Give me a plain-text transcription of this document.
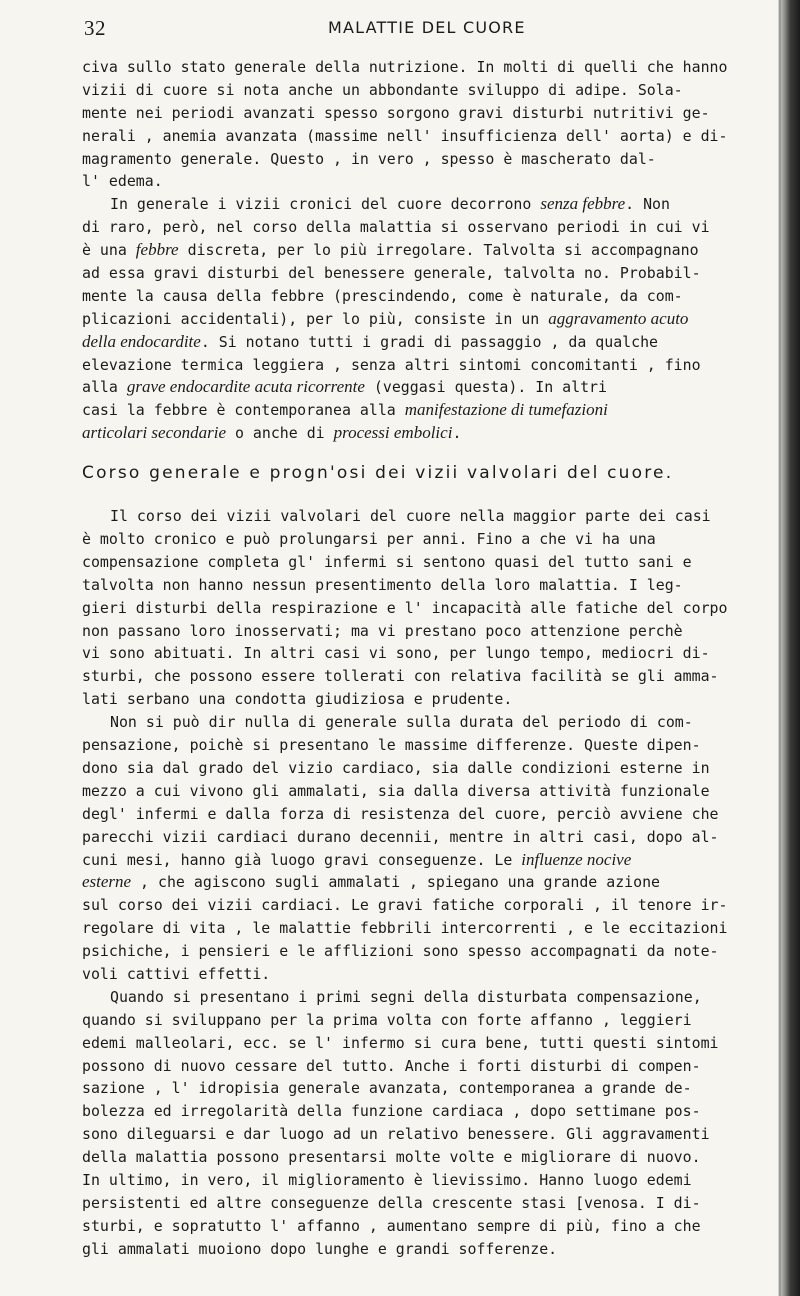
32	MALATTIE DEL CUORE
civa sullo stato generale della nutrizione. In molti di quelli che hanno
vizii di cuore si nota anche un abbondante sviluppo di adipe. Sola-
mente nei periodi avanzati spesso sorgono gravi disturbi nutritivi ge-
nerali , anemia avanzata (massime nell' insufficienza dell' aorta) e di-
magramento generale. Questo , in vero , spesso è mascherato dal-
l' edema.
In generale i vizii cronici del cuore decorrono senza febbre. Non
di raro, però, nel corso della malattia si osservano periodi in cui vi
è una febbre discreta, per lo più irregolare. Talvolta si accompagnano
ad essa gravi disturbi del benessere generale, talvolta no. Probabil-
mente la causa della febbre (prescindendo, come è naturale, da com-
plicazioni accidentali), per lo più, consiste in un aggravamento acuto
della endocardite. Si notano tutti i gradi di passaggio , da qualche
elevazione termica leggiera , senza altri sintomi concomitanti , fino
alla grave endocardite acuta ricorrente (veggasi questa). In altri
casi la febbre è contemporanea alla manifestazione di tumefazioni
articolari secondarie o anche di processi embolici.
Corso generale e progn'osi dei vizii valvolari del cuore.
Il corso dei vizii valvolari del cuore nella maggior parte dei casi
è molto cronico e può prolungarsi per anni. Fino a che vi ha una
compensazione completa gl' infermi si sentono quasi del tutto sani e
talvolta non hanno nessun presentimento della loro malattia. I leg-
gieri disturbi della respirazione e l' incapacità alle fatiche del corpo
non passano loro inosservati; ma vi prestano poco attenzione perchè
vi sono abituati. In altri casi vi sono, per lungo tempo, mediocri di-
sturbi, che possono essere tollerati con relativa facilità se gli amma-
lati serbano una condotta giudiziosa e prudente.
Non si può dir nulla di generale sulla durata del periodo di com-
pensazione, poichè si presentano le massime differenze. Queste dipen-
dono sia dal grado del vizio cardiaco, sia dalle condizioni esterne in
mezzo a cui vivono gli ammalati, sia dalla diversa attività funzionale
degl' infermi e dalla forza di resistenza del cuore, perciò avviene che
parecchi vizii cardiaci durano decennii, mentre in altri casi, dopo al-
cuni mesi, hanno già luogo gravi conseguenze. Le influenze nocive
esterne , che agiscono sugli ammalati , spiegano una grande azione
sul corso dei vizii cardiaci. Le gravi fatiche corporali , il tenore ir-
regolare di vita , le malattie febbrili intercorrenti , e le eccitazioni
psichiche, i pensieri e le afflizioni sono spesso accompagnati da note-
voli cattivi effetti.
Quando si presentano i primi segni della disturbata compensazione,
quando si sviluppano per la prima volta con forte affanno , leggieri
edemi malleolari, ecc. se l' infermo si cura bene, tutti questi sintomi
possono di nuovo cessare del tutto. Anche i forti disturbi di compen-
sazione , l' idropisia generale avanzata, contemporanea a grande de-
bolezza ed irregolarità della funzione cardiaca , dopo settimane pos-
sono dileguarsi e dar luogo ad un relativo benessere. Gli aggravamenti
della malattia possono presentarsi molte volte e migliorare di nuovo.
In ultimo, in vero, il miglioramento è lievissimo. Hanno luogo edemi
persistenti ed altre conseguenze della crescente stasi [venosa. I di-
sturbi, e sopratutto l' affanno , aumentano sempre di più, fino a che
gli ammalati muoiono dopo lunghe e grandi sofferenze.
